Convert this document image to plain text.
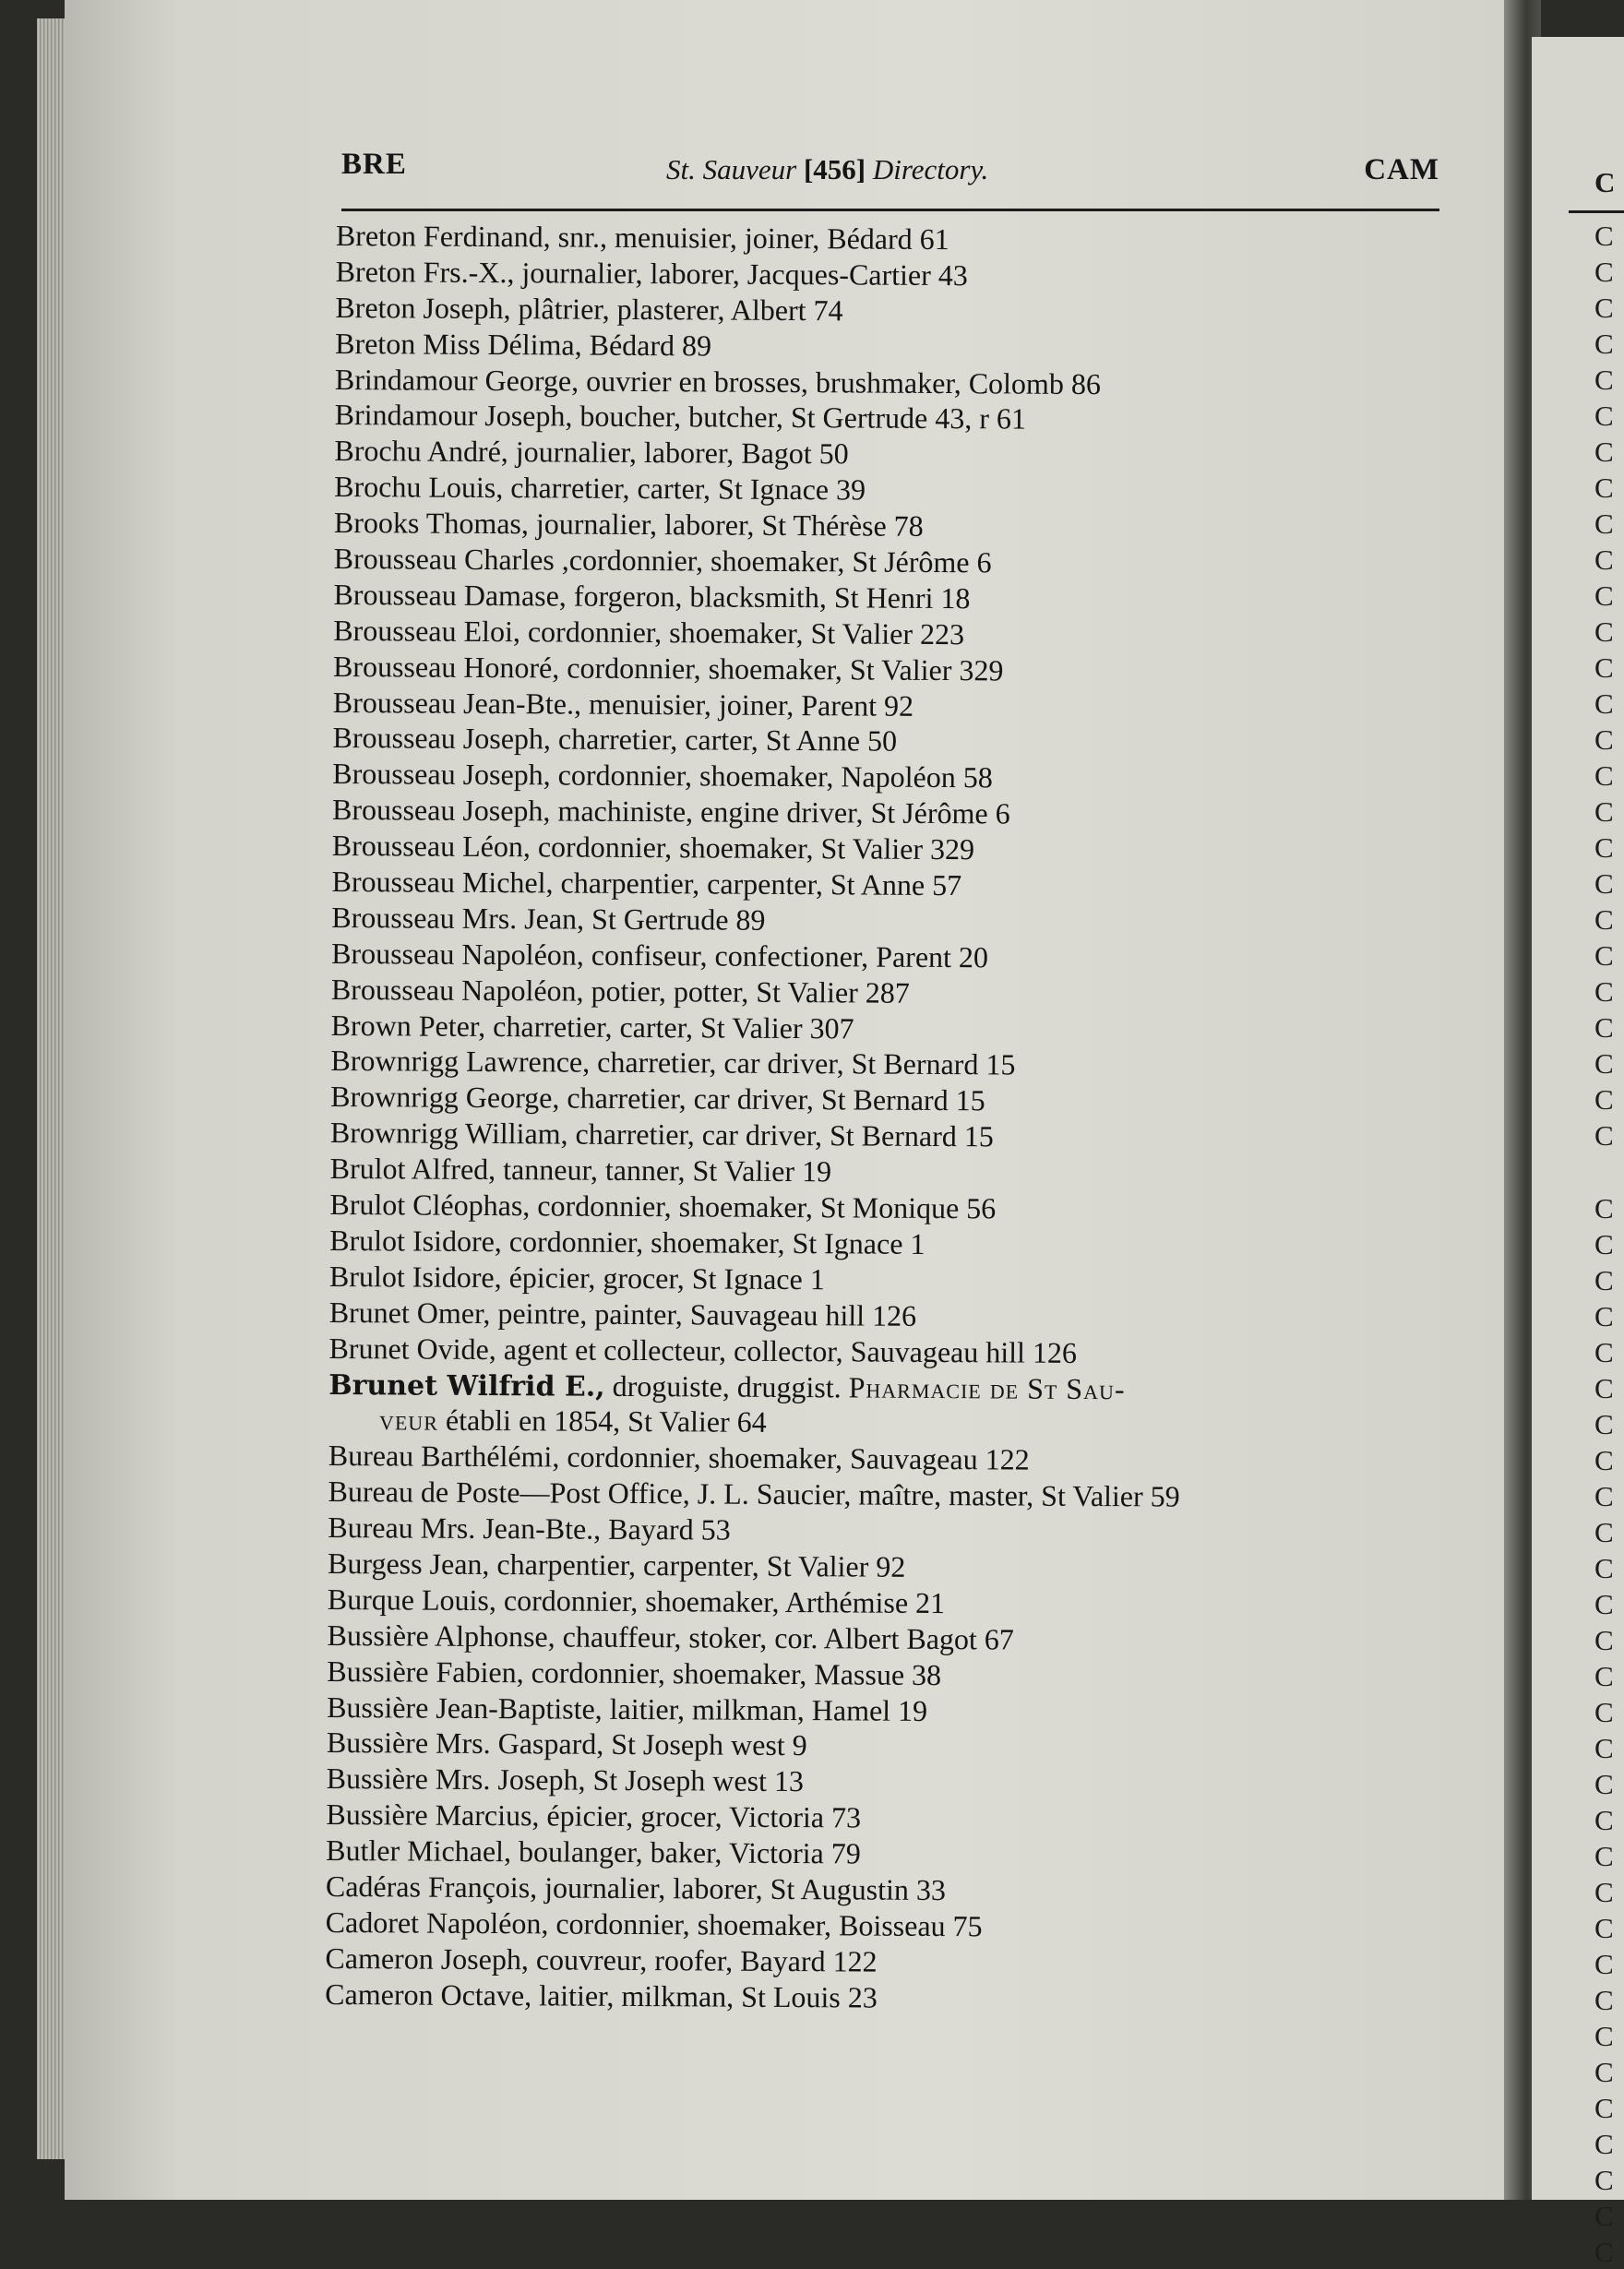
C
C
C
C
C
C
C
C
C
C
C
C
C
C
C
C
C
C
C
C
C
C
C
C
C
C
C
C
C
C
C
C
C
C
C
C
C
C
C
C
C
C
C
C
C
C
C
C
C
C
C
C
C
C
C
C
C
BRE	St. Sauveur [456] Directory.	CAM
Breton Ferdinand, snr., menuisier, joiner, Bédard 61
Breton Frs.-X., journalier, laborer, Jacques-Cartier 43
Breton Joseph, plâtrier, plasterer, Albert 74
Breton Miss Délima, Bédard 89
Brindamour George, ouvrier en brosses, brushmaker, Colomb 86
Brindamour Joseph, boucher, butcher, St Gertrude 43, r 61
Brochu André, journalier, laborer, Bagot 50
Brochu Louis, charretier, carter, St Ignace 39
Brooks Thomas, journalier, laborer, St Thérèse 78
Brousseau Charles ,cordonnier, shoemaker, St Jérôme 6
Brousseau Damase, forgeron, blacksmith, St Henri 18
Brousseau Eloi, cordonnier, shoemaker, St Valier 223
Brousseau Honoré, cordonnier, shoemaker, St Valier 329
Brousseau Jean-Bte., menuisier, joiner, Parent 92
Brousseau Joseph, charretier, carter, St Anne 50
Brousseau Joseph, cordonnier, shoemaker, Napoléon 58
Brousseau Joseph, machiniste, engine driver, St Jérôme 6
Brousseau Léon, cordonnier, shoemaker, St Valier 329
Brousseau Michel, charpentier, carpenter, St Anne 57
Brousseau Mrs. Jean, St Gertrude 89
Brousseau Napoléon, confiseur, confectioner, Parent 20
Brousseau Napoléon, potier, potter, St Valier 287
Brown Peter, charretier, carter, St Valier 307
Brownrigg Lawrence, charretier, car driver, St Bernard 15
Brownrigg George, charretier, car driver, St Bernard 15
Brownrigg William, charretier, car driver, St Bernard 15
Brulot Alfred, tanneur, tanner, St Valier 19
Brulot Cléophas, cordonnier, shoemaker, St Monique 56
Brulot Isidore, cordonnier, shoemaker, St Ignace 1
Brulot Isidore, épicier, grocer, St Ignace 1
Brunet Omer, peintre, painter, Sauvageau hill 126
Brunet Ovide, agent et collecteur, collector, Sauvageau hill 126
Brunet Wilfrid E., droguiste, druggist. Pharmacie de St Sau-
veur établi en 1854, St Valier 64
Bureau Barthélémi, cordonnier, shoemaker, Sauvageau 122
Bureau de Poste—Post Office, J. L. Saucier, maître, master, St Valier 59
Bureau Mrs. Jean-Bte., Bayard 53
Burgess Jean, charpentier, carpenter, St Valier 92
Burque Louis, cordonnier, shoemaker, Arthémise 21
Bussière Alphonse, chauffeur, stoker, cor. Albert Bagot 67
Bussière Fabien, cordonnier, shoemaker, Massue 38
Bussière Jean-Baptiste, laitier, milkman, Hamel 19
Bussière Mrs. Gaspard, St Joseph west 9
Bussière Mrs. Joseph, St Joseph west 13
Bussière Marcius, épicier, grocer, Victoria 73
Butler Michael, boulanger, baker, Victoria 79
Cadéras François, journalier, laborer, St Augustin 33
Cadoret Napoléon, cordonnier, shoemaker, Boisseau 75
Cameron Joseph, couvreur, roofer, Bayard 122
Cameron Octave, laitier, milkman, St Louis 23
